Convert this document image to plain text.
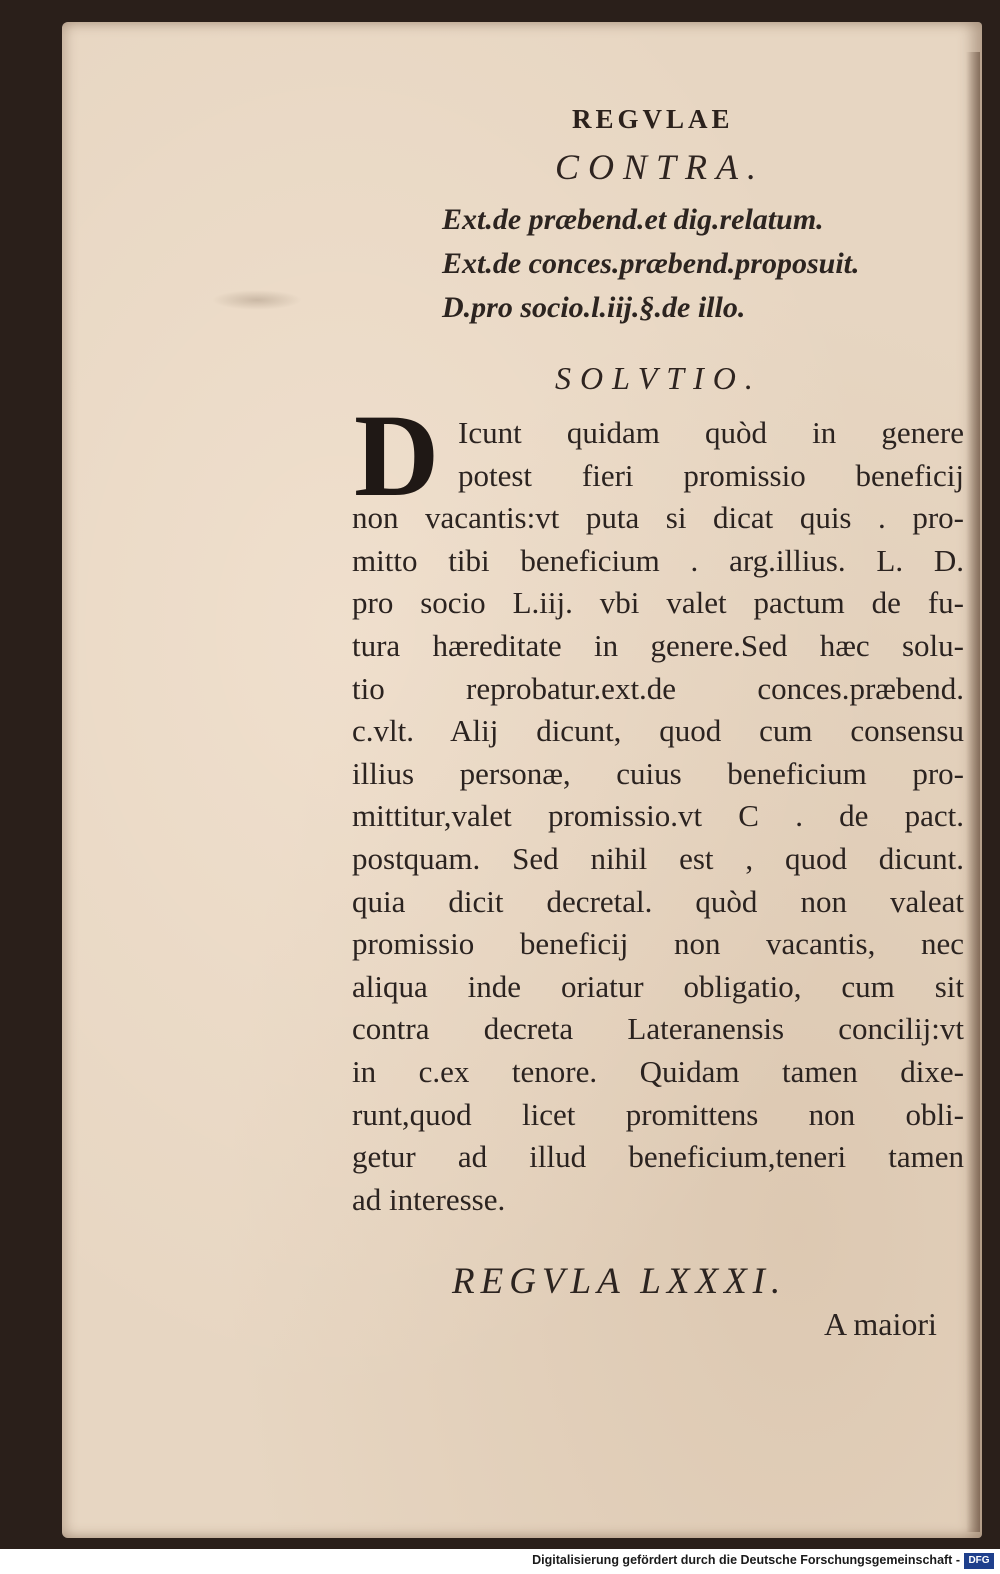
REGVLAE
CONTRA.
Ext.de præbend.et dig.relatum.
Ext.de conces.præbend.proposuit.
D.pro socio.l.iij.§.de illo.
SOLVTIO.
D Icunt quidam quòd in genere
potest fieri promissio beneficij
non vacantis:vt puta si dicat quis . pro-
mitto tibi beneficium . arg.illius. L. D.
pro socio L.iij. vbi valet pactum de fu-
tura hæreditate in genere.Sed hæc solu-
tio reprobatur.ext.de conces.præbend.
c.vlt. Alij dicunt, quod cum consensu
illius personæ, cuius beneficium pro-
mittitur,valet promissio.vt C . de pact.
postquam. Sed nihil est , quod dicunt.
quia dicit decretal. quòd non valeat
promissio beneficij non vacantis, nec
aliqua inde oriatur obligatio, cum sit
contra decreta Lateranensis concilij:vt
in c.ex tenore. Quidam tamen dixe-
runt,quod licet promittens non obli-
getur ad illud beneficium,teneri tamen
ad interesse.
REGVLA LXXXI.
A maiori
Digitalisierung gefördert durch die Deutsche Forschungsgemeinschaft - DFG
